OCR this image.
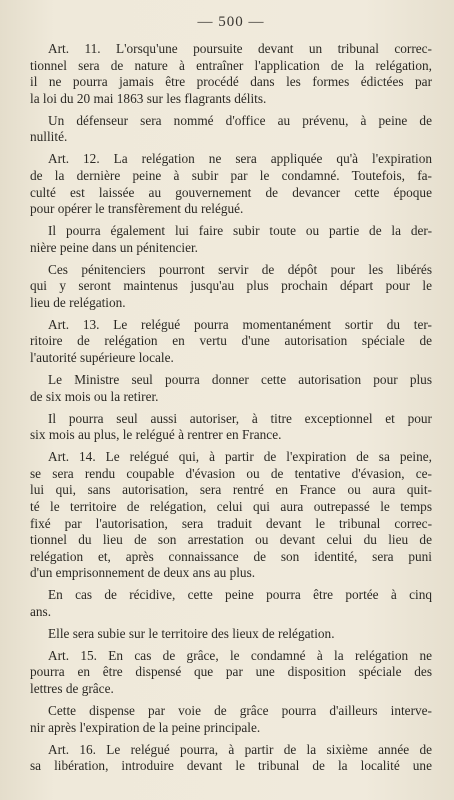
— 500 —

Art. 11. L'orsqu'une poursuite devant un tribunal correc-
tionnel sera de nature à entraîner l'application de la relégation,
il ne pourra jamais être procédé dans les formes édictées par
la loi du 20 mai 1863 sur les flagrants délits.

Un défenseur sera nommé d'office au prévenu, à peine de
nullité.

Art. 12. La relégation ne sera appliquée qu'à l'expiration
de la dernière peine à subir par le condamné. Toutefois, fa-
culté est laissée au gouvernement de devancer cette époque
pour opérer le transfèrement du relégué.

Il pourra également lui faire subir toute ou partie de la der-
nière peine dans un pénitencier.

Ces pénitenciers pourront servir de dépôt pour les libérés
qui y seront maintenus jusqu'au plus prochain départ pour le
lieu de relégation.

Art. 13. Le relégué pourra momentanément sortir du ter-
ritoire de relégation en vertu d'une autorisation spéciale de
l'autorité supérieure locale.

Le Ministre seul pourra donner cette autorisation pour plus
de six mois ou la retirer.

Il pourra seul aussi autoriser, à titre exceptionnel et pour
six mois au plus, le relégué à rentrer en France.

Art. 14. Le relégué qui, à partir de l'expiration de sa peine,
se sera rendu coupable d'évasion ou de tentative d'évasion, ce-
lui qui, sans autorisation, sera rentré en France ou aura quit-
té le territoire de relégation, celui qui aura outrepassé le temps
fixé par l'autorisation, sera traduit devant le tribunal correc-
tionnel du lieu de son arrestation ou devant celui du lieu de
relégation et, après connaissance de son identité, sera puni
d'un emprisonnement de deux ans au plus.

En cas de récidive, cette peine pourra être portée à cinq
ans.

Elle sera subie sur le territoire des lieux de relégation.

Art. 15. En cas de grâce, le condamné à la relégation ne
pourra en être dispensé que par une disposition spéciale des
lettres de grâce.

Cette dispense par voie de grâce pourra d'ailleurs interve-
nir après l'expiration de la peine principale.

Art. 16. Le relégué pourra, à partir de la sixième année de
sa libération, introduire devant le tribunal de la localité une
